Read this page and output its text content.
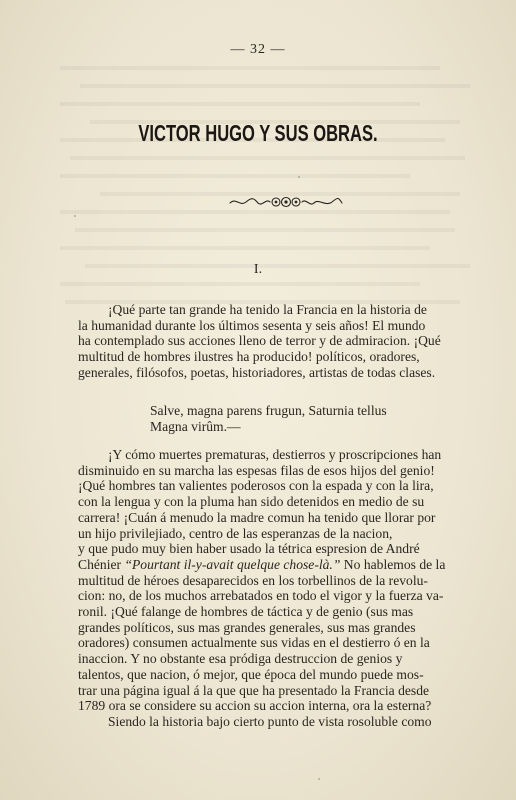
— 32 —
VICTOR HUGO Y SUS OBRAS.
I.
¡Qué parte tan grande ha tenido la Francia en la historia de
la humanidad durante los últimos sesenta y seis años! El mundo
ha contemplado sus acciones lleno de terror y de admiracion. ¡Qué
multitud de hombres ilustres ha producido! políticos, oradores,
generales, filósofos, poetas, historiadores, artistas de todas clases.
Salve, magna parens frugun, Saturnia tellus
Magna virûm.—
¡Y cómo muertes prematuras, destierros y proscripciones han
disminuido en su marcha las espesas filas de esos hijos del genio!
¡Qué hombres tan valientes poderosos con la espada y con la lira,
con la lengua y con la pluma han sido detenidos en medio de su
carrera! ¡Cuán á menudo la madre comun ha tenido que llorar por
un hijo privilejiado, centro de las esperanzas de la nacion,
y que pudo muy bien haber usado la tétrica espresion de André
Chénier “Pourtant il-y-avait quelque chose-là.” No hablemos de la
multitud de héroes desaparecidos en los torbellinos de la revolu-
cion: no, de los muchos arrebatados en todo el vigor y la fuerza va-
ronil. ¡Qué falange de hombres de táctica y de genio (sus mas
grandes políticos, sus mas grandes generales, sus mas grandes
oradores) consumen actualmente sus vidas en el destierro ó en la
inaccion. Y no obstante esa pródiga destruccion de genios y
talentos, que nacion, ó mejor, que época del mundo puede mos-
trar una página igual á la que que ha presentado la Francia desde
1789 ora se considere su accion su accion interna, ora la esterna?
Siendo la historia bajo cierto punto de vista rosoluble como
